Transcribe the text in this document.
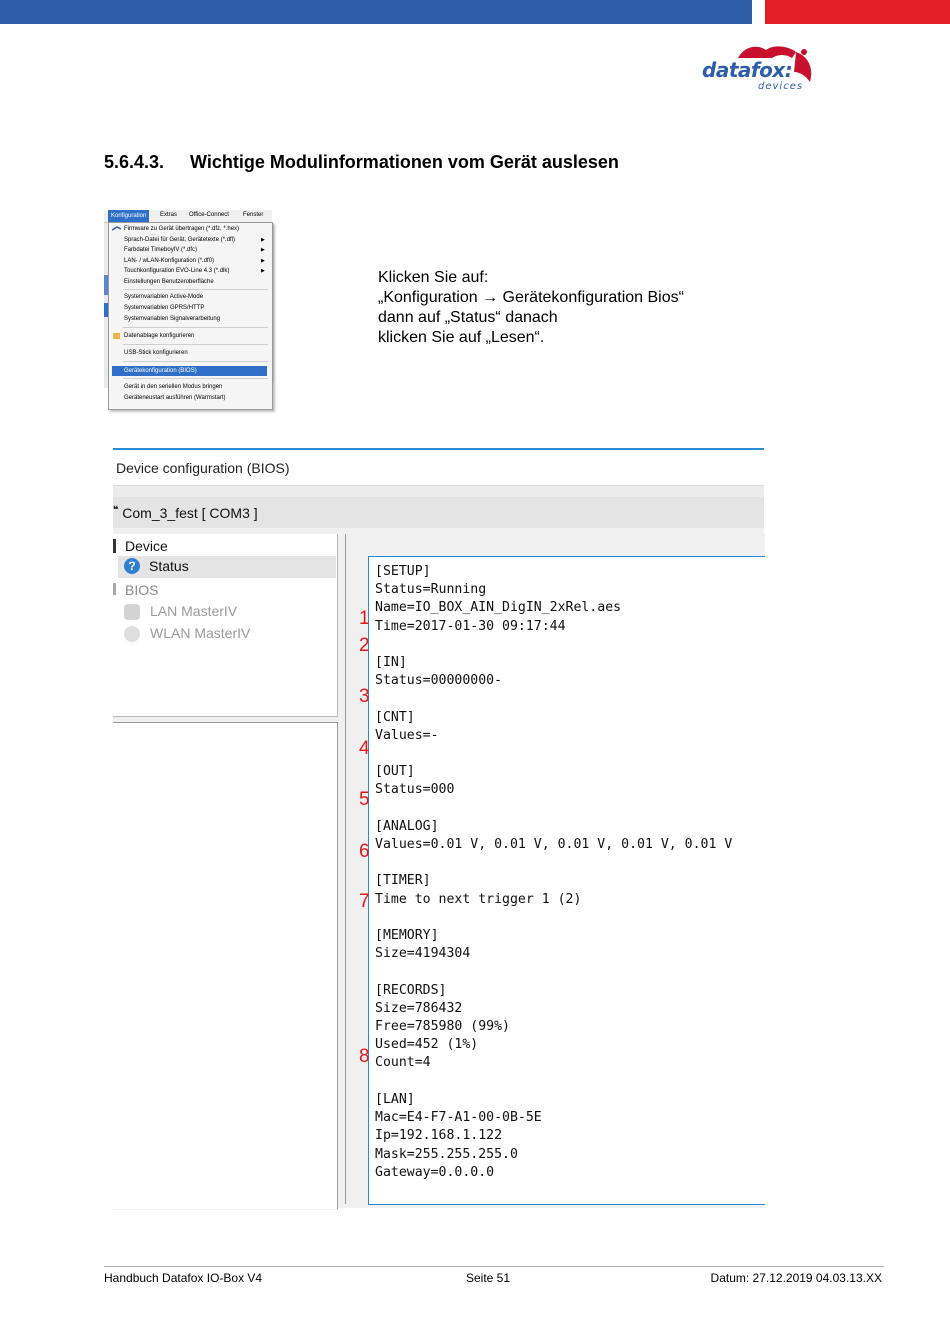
datafox:
devices
5.6.4.3. Wichtige Modulinformationen vom Gerät auslesen
Konfiguration	Extras Office-Connect Fenster
Firmware zu Gerät übertragen (*.dfz, *.hex)
Sprach-Datei für Gerät, Gerätetexte (*.dfl)	▶
Farbdatei TimeboyIV (*.dfc)	▶
LAN- / wLAN-Konfiguration (*.df0)	▶
Touchkonfiguration EVO-Line 4.3 (*.dlk)	▶
Einstellungen Benutzeroberfläche
Systemvariablen Active-Mode
Systemvariablen GPRS/HTTP
Systemvariablen Signalverarbeitung
Datenablage konfigurieren
USB-Stick konfigurieren
Gerätekonfiguration (BIOS)
Gerät in den seriellen Modus bringen
Geräteneustart ausführen (Warmstart)
Klicken Sie auf:
„Konfiguration → Gerätekonfiguration Bios“
dann auf „Status“ danach
klicken Sie auf „Lesen“.
Device configuration (BIOS)
❝ Com_3_fest [ COM3 ]
Device
? Status
BIOS
LAN MasterIV
WLAN MasterIV
[SETUP]
Status=Running
Name=IO_BOX_AIN_DigIN_2xRel.aes
Time=2017-01-30 09:17:44

[IN]
Status=00000000-

[CNT]
Values=-

[OUT]
Status=000

[ANALOG]
Values=0.01 V, 0.01 V, 0.01 V, 0.01 V, 0.01 V

[TIMER]
Time to next trigger 1 (2)

[MEMORY]
Size=4194304

[RECORDS]
Size=786432
Free=785980 (99%)
Used=452 (1%)
Count=4

[LAN]
Mac=E4-F7-A1-00-0B-5E
Ip=192.168.1.122
Mask=255.255.255.0
Gateway=0.0.0.0
1
2
3
4
5
6
7
8
Handbuch Datafox IO-Box V4	Seite 51	Datum: 27.12.2019 04.03.13.XX
